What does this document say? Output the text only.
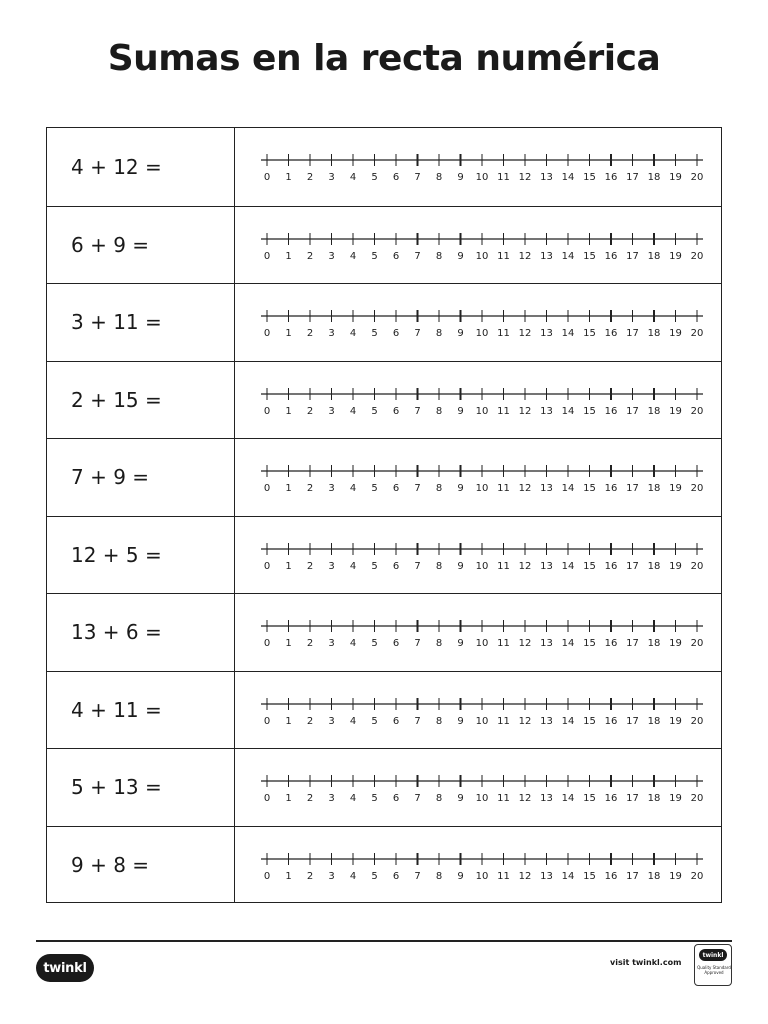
Sumas en la recta numérica
4 + 12 =	0 1 2 3 4 5 6 7 8 9 10 11 12 13 14 15 16 17 18 19 20
6 + 9 =	0 1 2 3 4 5 6 7 8 9 10 11 12 13 14 15 16 17 18 19 20
3 + 11 =	0 1 2 3 4 5 6 7 8 9 10 11 12 13 14 15 16 17 18 19 20
2 + 15 =	0 1 2 3 4 5 6 7 8 9 10 11 12 13 14 15 16 17 18 19 20
7 + 9 =	0 1 2 3 4 5 6 7 8 9 10 11 12 13 14 15 16 17 18 19 20
12 + 5 =	0 1 2 3 4 5 6 7 8 9 10 11 12 13 14 15 16 17 18 19 20
13 + 6 =	0 1 2 3 4 5 6 7 8 9 10 11 12 13 14 15 16 17 18 19 20
4 + 11 =	0 1 2 3 4 5 6 7 8 9 10 11 12 13 14 15 16 17 18 19 20
5 + 13 =	0 1 2 3 4 5 6 7 8 9 10 11 12 13 14 15 16 17 18 19 20
9 + 8 =	0 1 2 3 4 5 6 7 8 9 10 11 12 13 14 15 16 17 18 19 20
twinkl	visit twinkl.com
twinkl
Quality Standard Approved
